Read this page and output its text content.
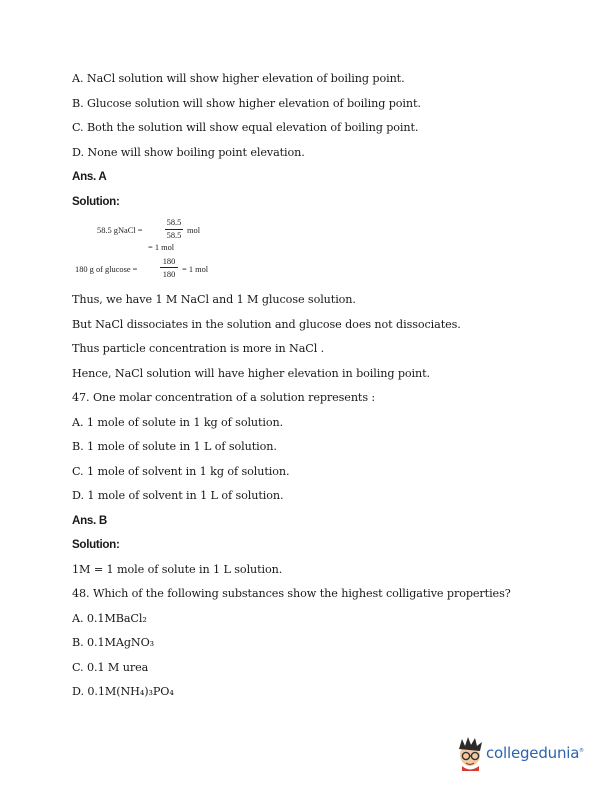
A. NaCl solution will show higher elevation of boiling point.
B. Glucose solution will show higher elevation of boiling point.
C. Both the solution will show equal elevation of boiling point.
D. None will show boiling point elevation.
Ans. A
Solution:
58.5 gNaCl =
58.5
58.5
mol
= 1 mol
180 g of glucose =
180
180
= 1 mol
Thus, we have 1 M NaCl and 1 M glucose solution.
But NaCl dissociates in the solution and glucose does not dissociates.
Thus particle concentration is more in NaCl .
Hence, NaCl solution will have higher elevation in boiling point.
47. One molar concentration of a solution represents :
A. 1 mole of solute in 1 kg of solution.
B. 1 mole of solute in 1 L of solution.
C. 1 mole of solvent in 1 kg of solution.
D. 1 mole of solvent in 1 L of solution.
Ans. B
Solution:
1M = 1 mole of solute in 1 L solution.
48. Which of the following substances show the highest colligative properties?
A. 0.1MBaCl₂
B. 0.1MAgNO₃
C. 0.1 M urea
D. 0.1M(NH₄)₃PO₄
collegedunia ®
